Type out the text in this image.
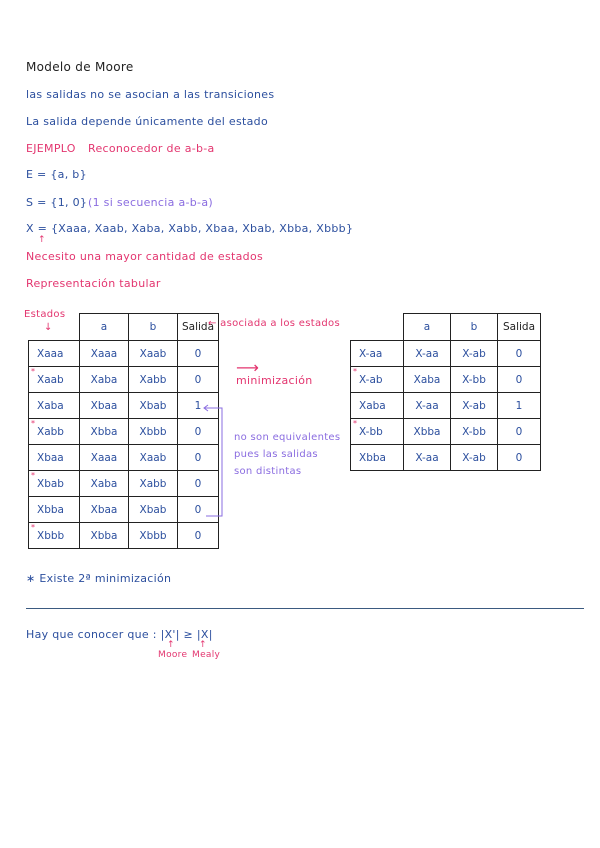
Modelo de Moore
las salidas no se asocian a las transiciones
La salida depende únicamente del estado
EJEMPLO Reconocedor de a-b-a
E = {a, b}
S = {1, 0} (1 si secuencia a-b-a)
X = {Xaaa, Xaab, Xaba, Xabb, Xbaa, Xbab, Xbba, Xbbb}
↑
Necesito una mayor cantidad de estados
Representación tabular
Estados
↓
		a	b	Salida
Xaaa	Xaaa	Xaab	0

*
Xaab	Xaba	Xabb	0
Xaba	Xbaa	Xbab	1

*
Xabb	Xbba	Xbbb	0
Xbaa	Xaaa	Xaab	0

*
Xbab	Xaba	Xabb	0
Xbba	Xbaa	Xbab	0

*
Xbbb	Xbba	Xbbb	0
← asociada a los estados
⟶
minimización
no son equivalentes
pues las salidas
son distintas
	a	b	Salida
X-aa	X-aa	X-ab	0

*
X-ab	Xaba	X-bb	0
Xaba	X-aa	X-ab	1

*
X-bb	Xbba	X-bb	0
Xbba	X-aa	X-ab	0
∗ Existe 2ª minimización
Hay que conocer que : |X'| ≥ |X|
↑	↑
Moore Mealy
